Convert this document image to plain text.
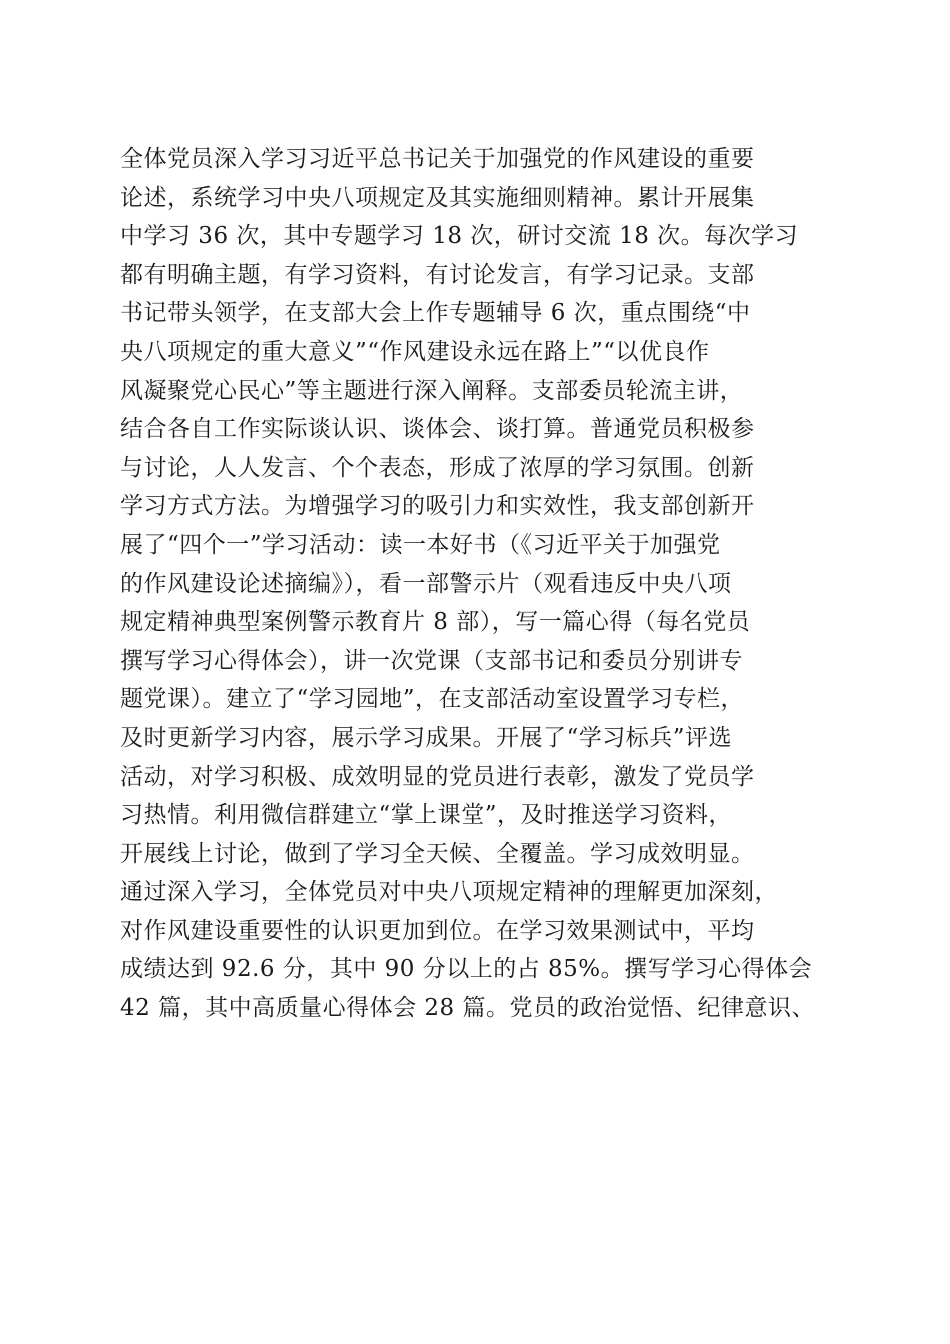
全体党员深入学习习近平总书记关于加强党的作风建设的重要
论述，系统学习中央八项规定及其实施细则精神。累计开展集
中学习 36 次，其中专题学习 18 次，研讨交流 18 次。每次学习
都有明确主题，有学习资料，有讨论发言，有学习记录。支部
书记带头领学，在支部大会上作专题辅导 6 次，重点围绕“中
央八项规定的重大意义”“作风建设永远在路上”“以优良作
风凝聚党心民心”等主题进行深入阐释。支部委员轮流主讲，
结合各自工作实际谈认识、谈体会、谈打算。普通党员积极参
与讨论，人人发言、个个表态，形成了浓厚的学习氛围。创新
学习方式方法。为增强学习的吸引力和实效性，我支部创新开
展了“四个一”学习活动：读一本好书（《习近平关于加强党
的作风建设论述摘编》），看一部警示片（观看违反中央八项
规定精神典型案例警示教育片 8 部），写一篇心得（每名党员
撰写学习心得体会），讲一次党课（支部书记和委员分别讲专
题党课）。建立了“学习园地”，在支部活动室设置学习专栏，
及时更新学习内容，展示学习成果。开展了“学习标兵”评选
活动，对学习积极、成效明显的党员进行表彰，激发了党员学
习热情。利用微信群建立“掌上课堂”，及时推送学习资料，
开展线上讨论，做到了学习全天候、全覆盖。学习成效明显。
通过深入学习，全体党员对中央八项规定精神的理解更加深刻，
对作风建设重要性的认识更加到位。在学习效果测试中，平均
成绩达到 92.6 分，其中 90 分以上的占 85%。撰写学习心得体会
42 篇，其中高质量心得体会 28 篇。党员的政治觉悟、纪律意识、
